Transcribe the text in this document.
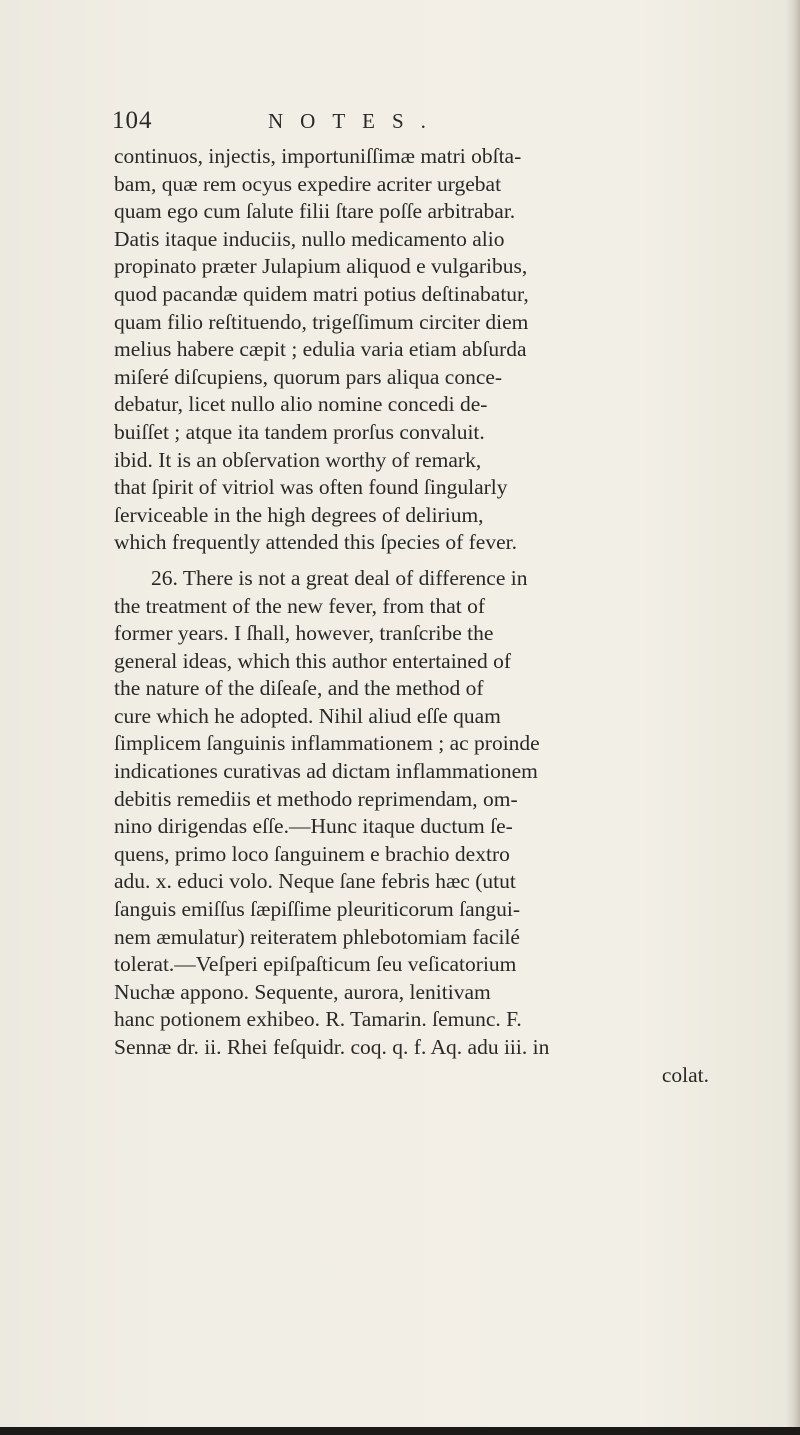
104	NOTES.
continuos, injectis, importuniſſimæ matri obſta-
bam, quæ rem ocyus expedire acriter urgebat
quam ego cum ſalute filii ſtare poſſe arbitrabar.
Datis itaque induciis, nullo medicamento alio
propinato præter Julapium aliquod e vulgaribus,
quod pacandæ quidem matri potius deſtinabatur,
quam filio reſtituendo, trigeſſimum circiter diem
melius habere cæpit ; edulia varia etiam abſurda
miſeré diſcupiens, quorum pars aliqua conce-
debatur, licet nullo alio nomine concedi de-
buiſſet ; atque ita tandem prorſus convaluit.
ibid. It is an obſervation worthy of remark,
that ſpirit of vitriol was often found ſingularly
ſerviceable in the high degrees of delirium,
which frequently attended this ſpecies of fever.
26. There is not a great deal of difference in
the treatment of the new fever, from that of
former years. I ſhall, however, tranſcribe the
general ideas, which this author entertained of
the nature of the diſeaſe, and the method of
cure which he adopted. Nihil aliud eſſe quam
ſimplicem ſanguinis inflammationem ; ac proinde
indicationes curativas ad dictam inflammationem
debitis remediis et methodo reprimendam, om-
nino dirigendas eſſe.—Hunc itaque ductum ſe-
quens, primo loco ſanguinem e brachio dextro
adu. x. educi volo. Neque ſane febris hæc (utut
ſanguis emiſſus ſæpiſſime pleuriticorum ſangui-
nem æmulatur) reiteratem phlebotomiam facilé
tolerat.—Veſperi epiſpaſticum ſeu veſicatorium
Nuchæ appono. Sequente, aurora, lenitivam
hanc potionem exhibeo. R. Tamarin. ſemunc. F.
Sennæ dr. ii. Rhei feſquidr. coq. q. f. Aq. adu iii. in
colat.
